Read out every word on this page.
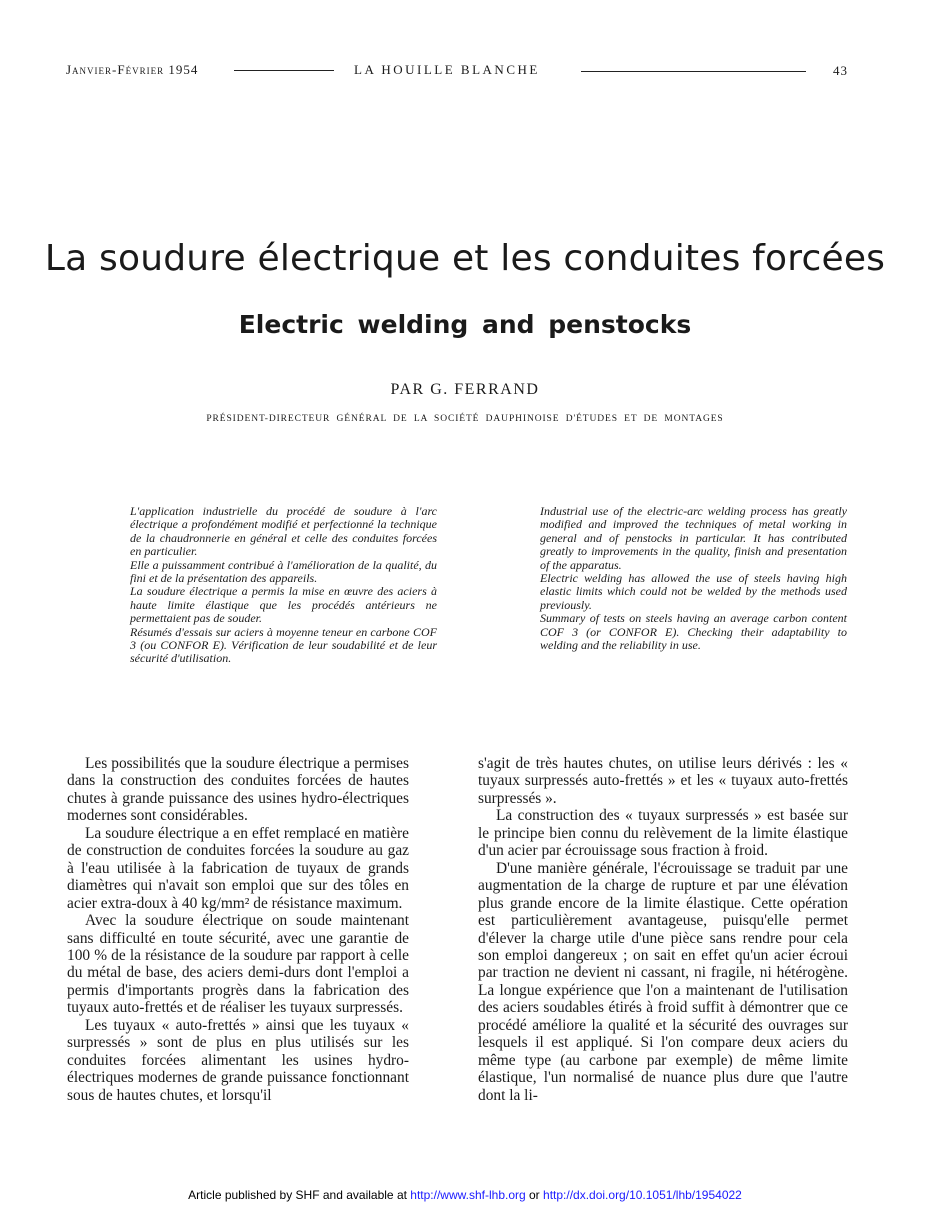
Janvier-Février 1954	LA HOUILLE BLANCHE	43
La soudure électrique et les conduites forcées
Electric welding and penstocks
PAR G. FERRAND
PRÉSIDENT-DIRECTEUR GÉNÉRAL DE LA SOCIÉTÉ DAUPHINOISE D'ÉTUDES ET DE MONTAGES

L'application industrielle du procédé de soudure à l'arc électrique a profondément modifié et perfectionné la technique de la chaudronnerie en général et celle des conduites forcées en particulier.

Elle a puissamment contribué à l'amélioration de la qualité, du fini et de la présentation des appareils.

La soudure électrique a permis la mise en œuvre des aciers à haute limite élastique que les procédés antérieurs ne permettaient pas de souder.

Résumés d'essais sur aciers à moyenne teneur en carbone COF 3 (ou CONFOR E). Vérification de leur soudabilité et de leur sécurité d'utilisation.

Industrial use of the electric-arc welding process has greatly modified and improved the techniques of metal working in general and of penstocks in particular. It has contributed greatly to improvements in the quality, finish and presentation of the apparatus.

Electric welding has allowed the use of steels having high elastic limits which could not be welded by the methods used previously.

Summary of tests on steels having an average carbon content COF 3 (or CONFOR E). Checking their adaptability to welding and the reliability in use.

Les possibilités que la soudure électrique a permises dans la construction des conduites forcées de hautes chutes à grande puissance des usines hydro-électriques modernes sont considérables.

La soudure électrique a en effet remplacé en matière de construction de conduites forcées la soudure au gaz à l'eau utilisée à la fabrication de tuyaux de grands diamètres qui n'avait son emploi que sur des tôles en acier extra-doux à 40 kg/mm² de résistance maximum.

Avec la soudure électrique on soude maintenant sans difficulté en toute sécurité, avec une garantie de 100 % de la résistance de la soudure par rapport à celle du métal de base, des aciers demi-durs dont l'emploi a permis d'importants progrès dans la fabrication des tuyaux auto-frettés et de réaliser les tuyaux surpressés.

Les tuyaux « auto-frettés » ainsi que les tuyaux « surpressés » sont de plus en plus utilisés sur les conduites forcées alimentant les usines hydro-électriques modernes de grande puissance fonctionnant sous de hautes chutes, et lorsqu'il

s'agit de très hautes chutes, on utilise leurs dérivés : les « tuyaux surpressés auto-frettés » et les « tuyaux auto-frettés surpressés ».

La construction des « tuyaux surpressés » est basée sur le principe bien connu du relèvement de la limite élastique d'un acier par écrouissage sous fraction à froid.

D'une manière générale, l'écrouissage se traduit par une augmentation de la charge de rupture et par une élévation plus grande encore de la limite élastique. Cette opération est particulièrement avantageuse, puisqu'elle permet d'élever la charge utile d'une pièce sans rendre pour cela son emploi dangereux ; on sait en effet qu'un acier écroui par traction ne devient ni cassant, ni fragile, ni hétérogène. La longue expérience que l'on a maintenant de l'utilisation des aciers soudables étirés à froid suffit à démontrer que ce procédé améliore la qualité et la sécurité des ouvrages sur lesquels il est appliqué. Si l'on compare deux aciers du même type (au carbone par exemple) de même limite élastique, l'un normalisé de nuance plus dure que l'autre dont la li-

Article published by SHF and available at http://www.shf-lhb.org or http://dx.doi.org/10.1051/lhb/1954022
